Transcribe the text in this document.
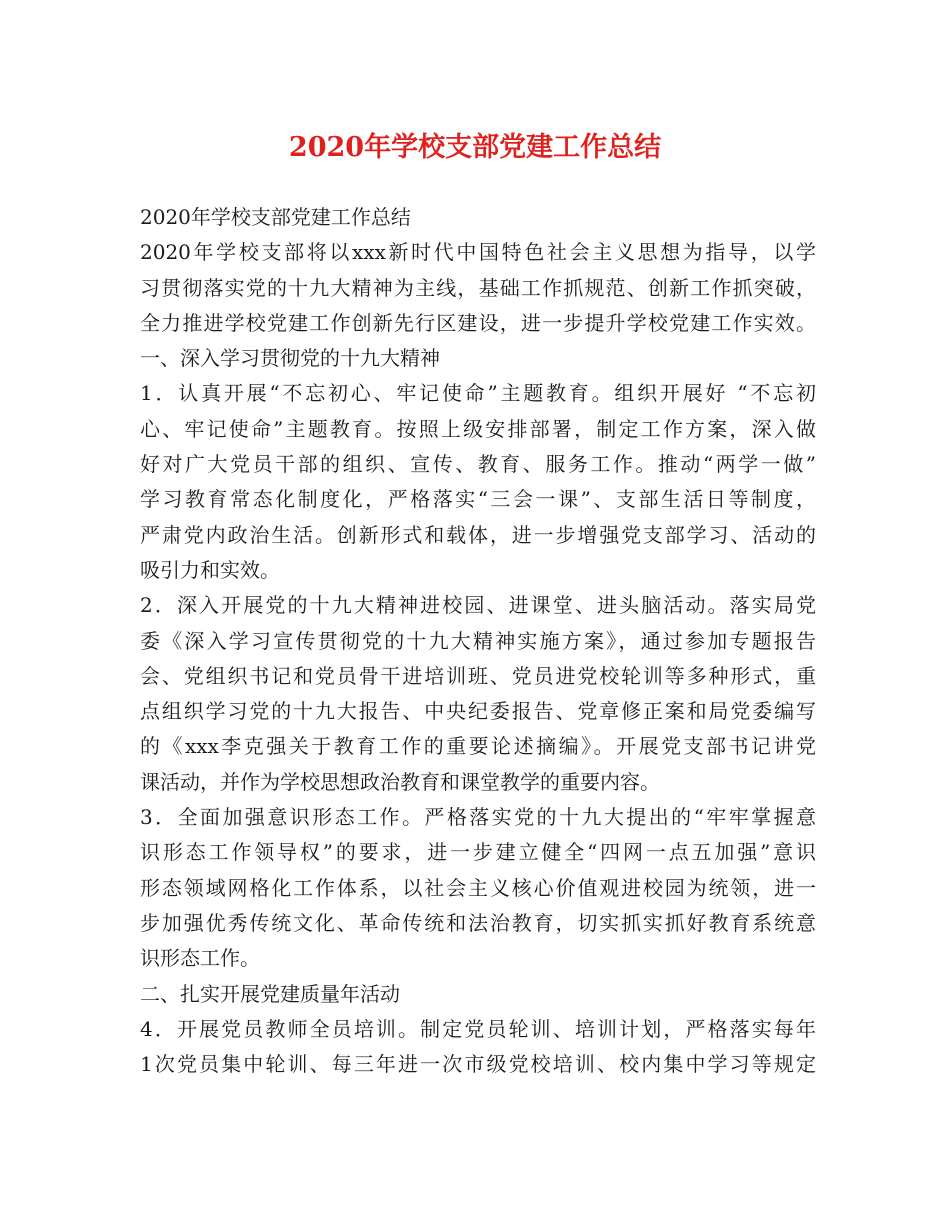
2020年学校支部党建工作总结
2020年学校支部党建工作总结
2020年学校支部将以xxx新时代中国特色社会主义思想为指导，以学
习贯彻落实党的十九大精神为主线，基础工作抓规范、创新工作抓突破，
全力推进学校党建工作创新先行区建设，进一步提升学校党建工作实效。
一、深入学习贯彻党的十九大精神
1．认真开展“不忘初心、牢记使命”主题教育。组织开展好 “不忘初
心、牢记使命”主题教育。按照上级安排部署，制定工作方案，深入做
好对广大党员干部的组织、宣传、教育、服务工作。推动“两学一做”
学习教育常态化制度化，严格落实“三会一课”、支部生活日等制度，
严肃党内政治生活。创新形式和载体，进一步增强党支部学习、活动的
吸引力和实效。
2．深入开展党的十九大精神进校园、进课堂、进头脑活动。落实局党
委《深入学习宣传贯彻党的十九大精神实施方案》，通过参加专题报告
会、党组织书记和党员骨干进培训班、党员进党校轮训等多种形式，重
点组织学习党的十九大报告、中央纪委报告、党章修正案和局党委编写
的《xxx李克强关于教育工作的重要论述摘编》。开展党支部书记讲党
课活动，并作为学校思想政治教育和课堂教学的重要内容。
3．全面加强意识形态工作。严格落实党的十九大提出的“牢牢掌握意
识形态工作领导权”的要求，进一步建立健全“四网一点五加强”意识
形态领域网格化工作体系，以社会主义核心价值观进校园为统领，进一
步加强优秀传统文化、革命传统和法治教育，切实抓实抓好教育系统意
识形态工作。
二、扎实开展党建质量年活动
4．开展党员教师全员培训。制定党员轮训、培训计划，严格落实每年
1次党员集中轮训、每三年进一次市级党校培训、校内集中学习等规定
